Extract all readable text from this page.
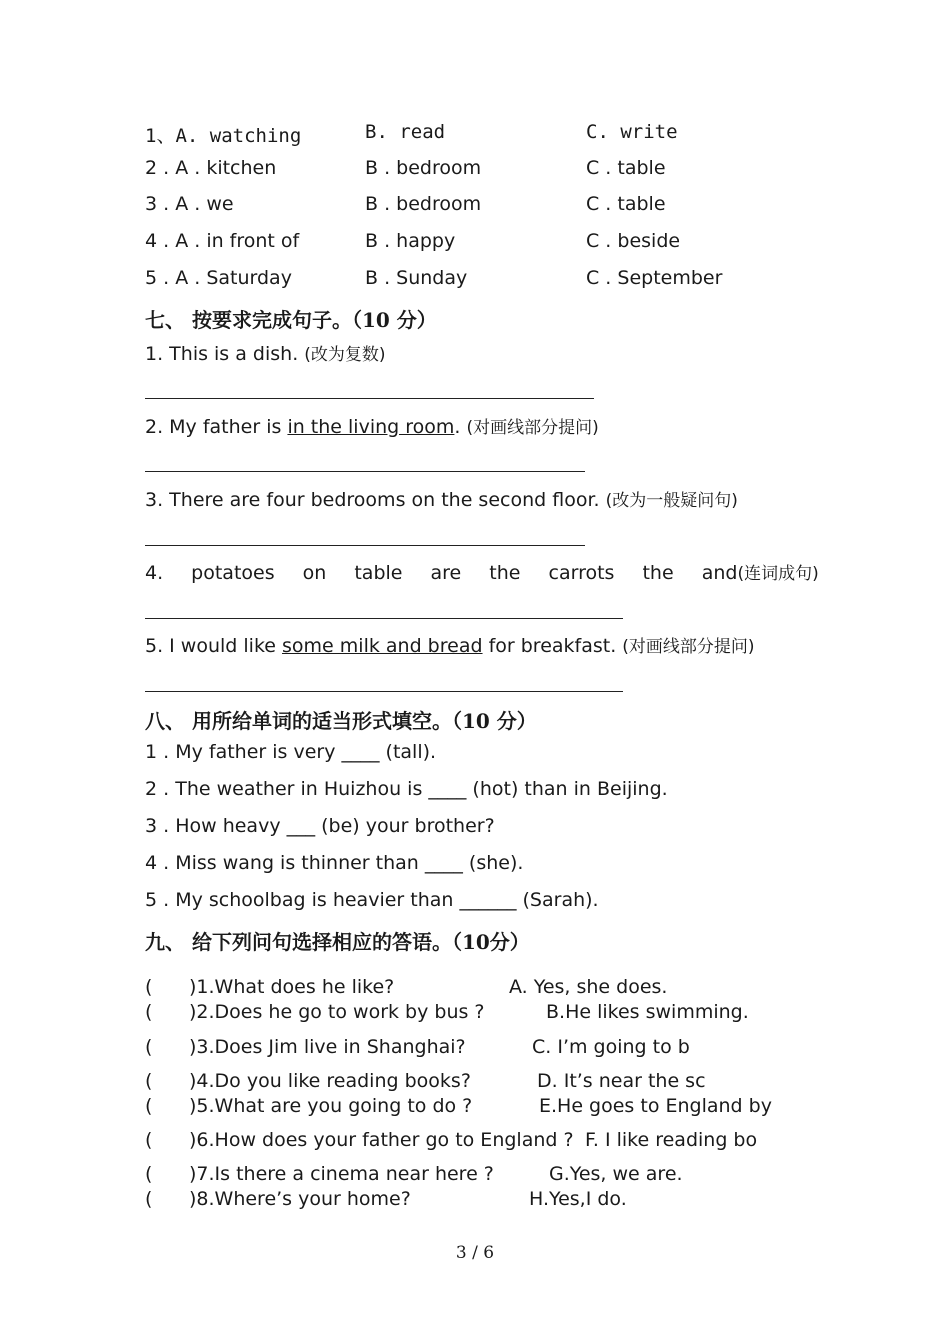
1、A. watching	B. read	C. write
2 . A . kitchen	B . bedroom	C . table
3 . A . we	B . bedroom	C . table
4 . A . in front of	B . happy	C . beside
5 . A . Saturday	B . Sunday	C . September
七、 按要求完成句子。（10 分）
1. This is a dish. (改为复数)
2. My father is in the living room. (对画线部分提问)
3. There are four bedrooms on the second floor. (改为一般疑问句)
4. potatoes on table are the carrots the and(连词成句)
5. I would like some milk and bread for breakfast. (对画线部分提问)
八、 用所给单词的适当形式填空。（10 分）
1 . My father is very ____ (tall).
2 . The weather in Huizhou is ____ (hot) than in Beijing.
3 . How heavy ___ (be) your brother?
4 . Miss wang is thinner than ____ (she).
5 . My schoolbag is heavier than ______ (Sarah).
九、 给下列问句选择相应的答语。（10分）
( )1.What does he like?	A. Yes, she does.
( )2.Does he go to work by bus ?	B.He likes swimming.
( )3.Does Jim live in Shanghai?	C. I’m going to b
( )4.Do you like reading books?	D. It’s near the sc
( )5.What are you going to do ?	E.He goes to England by
( )6.How does your father go to England ? F. I like reading bo
( )7.Is there a cinema near here ?	G.Yes, we are.
( )8.Where’s your home?	H.Yes,I do.
3 / 6
